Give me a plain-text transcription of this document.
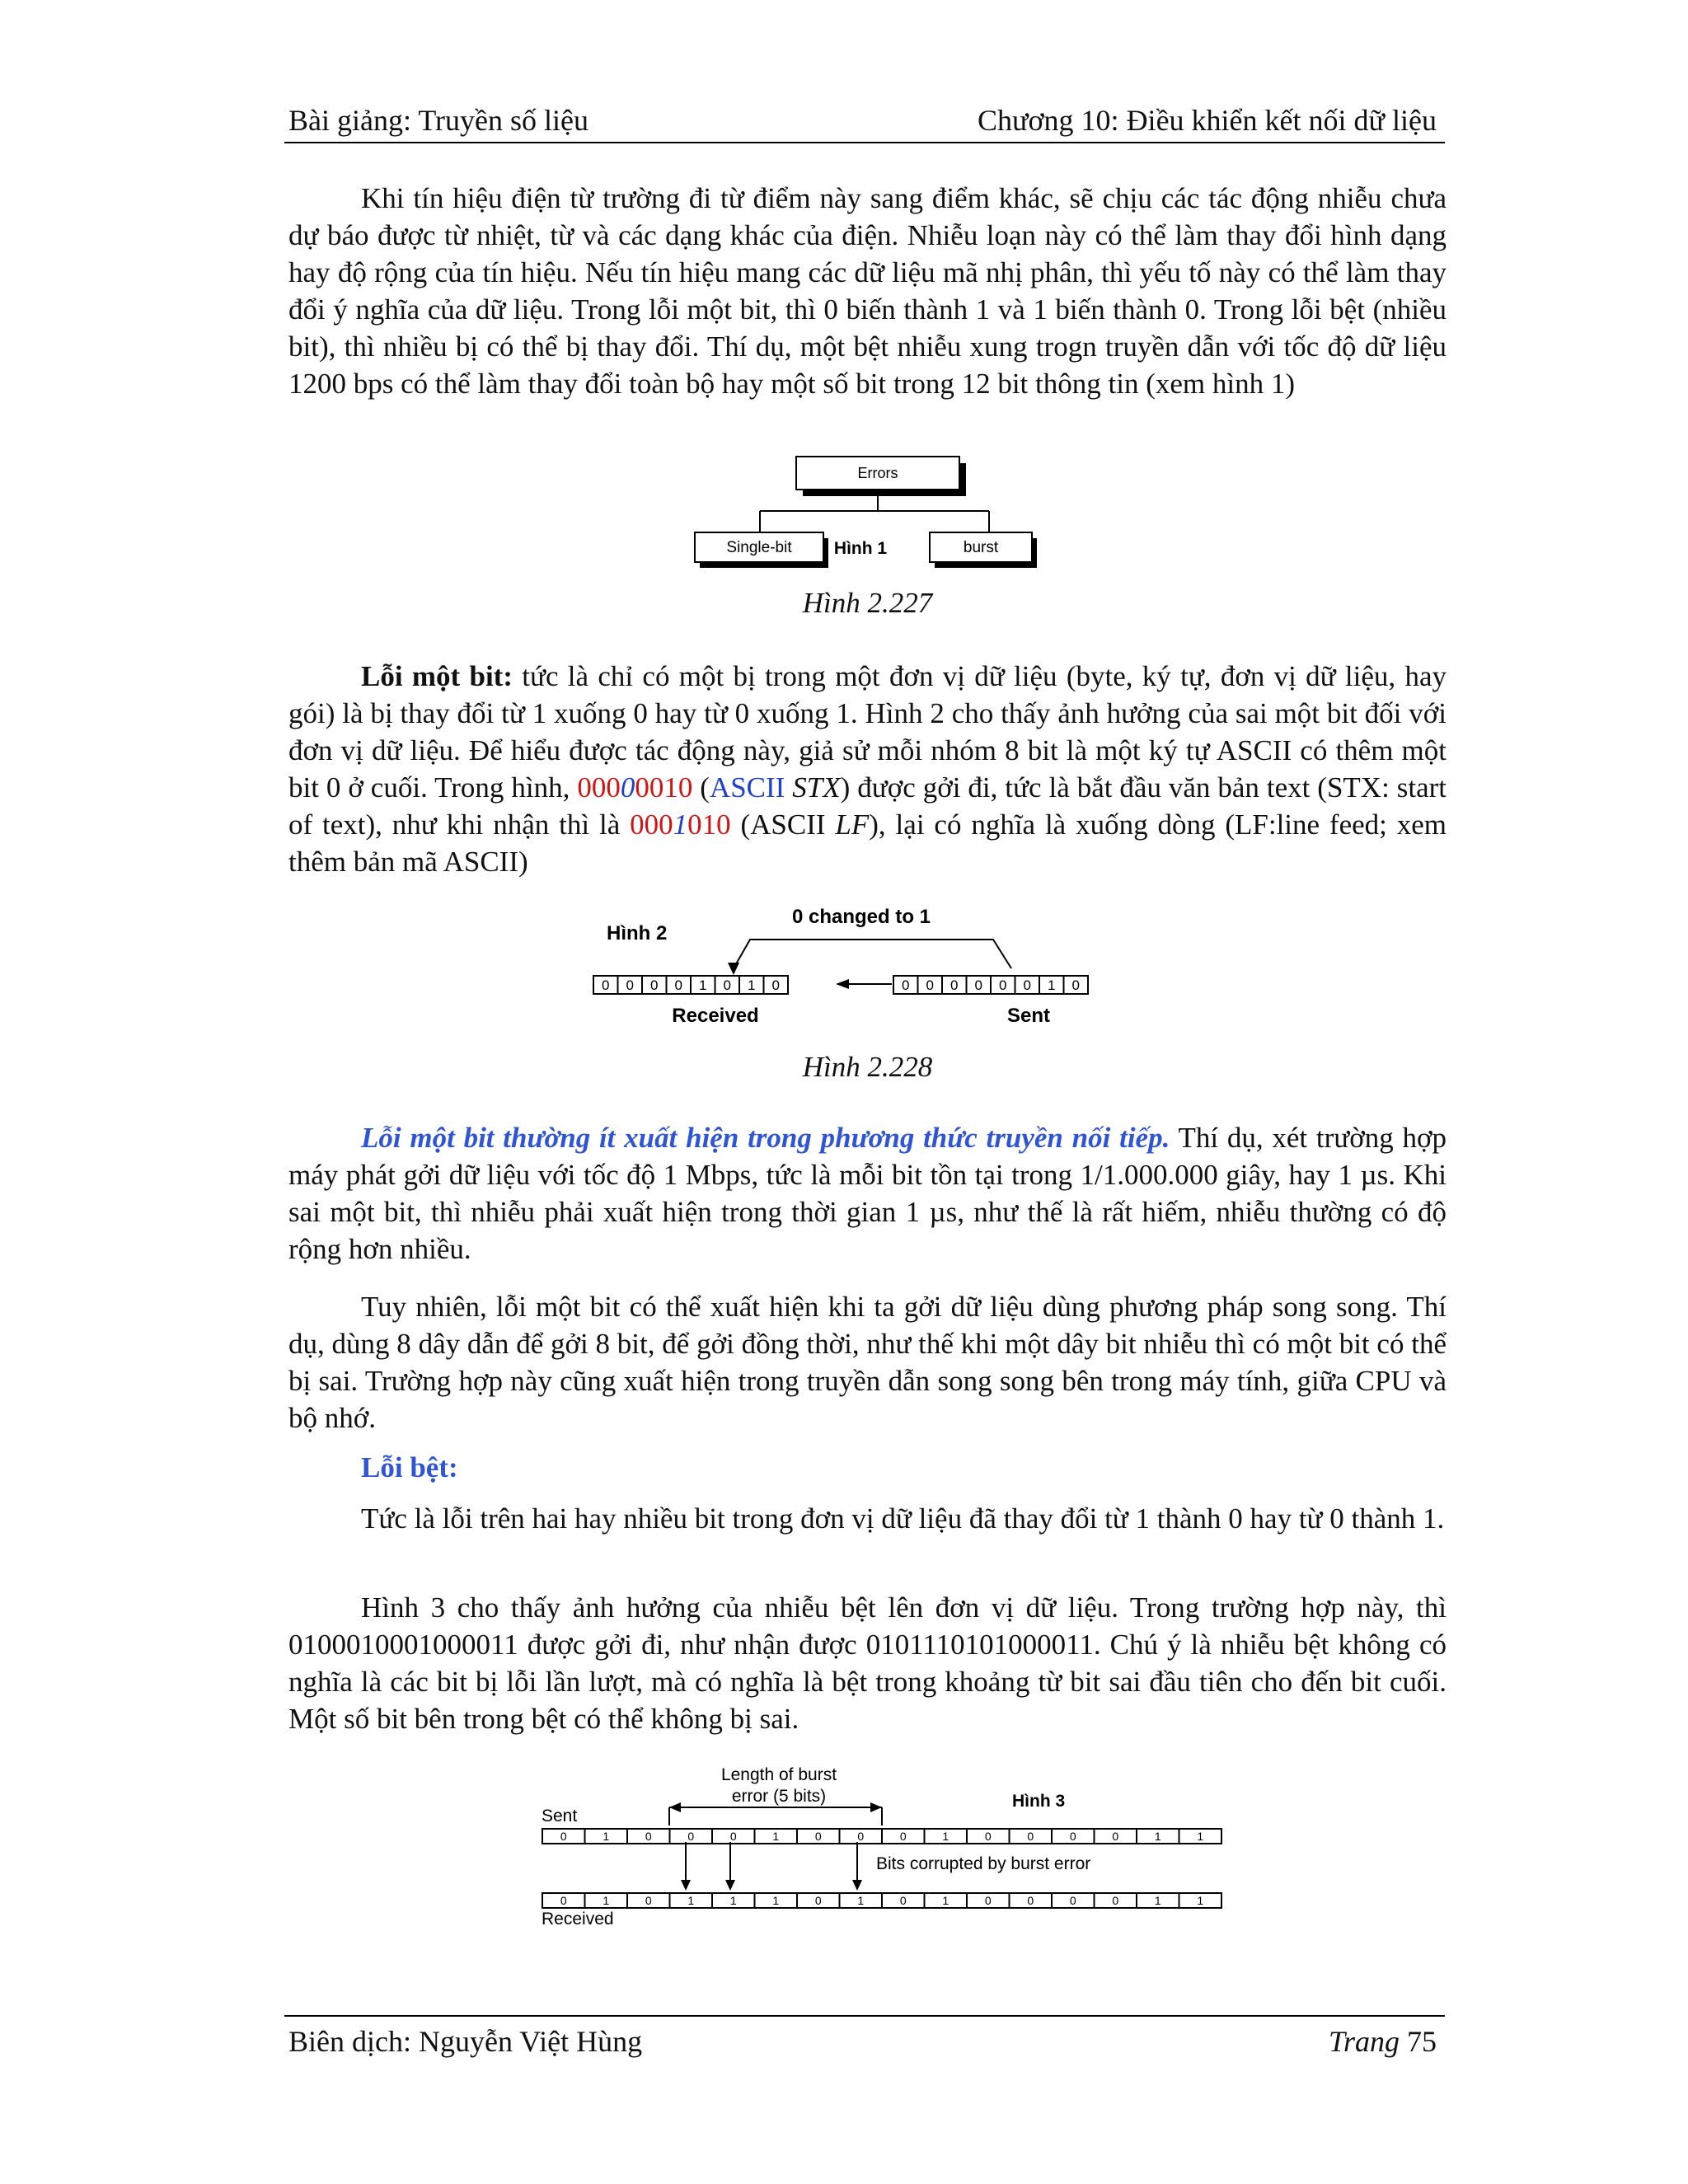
Bài giảng: Truyền số liệu	Chương 10: Điều khiển kết nối dữ liệu
Khi tín hiệu điện từ trường đi từ điểm này sang điểm khác, sẽ chịu các tác động nhiễu chưa dự báo được từ nhiệt, từ và các dạng khác của điện. Nhiễu loạn này có thể làm thay đổi hình dạng hay độ rộng của tín hiệu. Nếu tín hiệu mang các dữ liệu mã nhị phân, thì yếu tố này có thể làm thay đổi ý nghĩa của dữ liệu. Trong lỗi một bit, thì 0 biến thành 1 và 1 biến thành 0. Trong lỗi bệt (nhiều bit), thì nhiều bị có thể bị thay đổi. Thí dụ, một bệt nhiễu xung trogn truyền dẫn với tốc độ dữ liệu 1200 bps có thể làm thay đổi toàn bộ hay một số bit trong 12 bit thông tin (xem hình 1)
Errors
Single-bit Hình 1	burst
Hình 2.227
Lỗi một bit: tức là chỉ có một bị trong một đơn vị dữ liệu (byte, ký tự, đơn vị dữ liệu, hay gói) là bị thay đổi từ 1 xuống 0 hay từ 0 xuống 1. Hình 2 cho thấy ảnh hưởng của sai một bit đối với đơn vị dữ liệu. Để hiểu được tác động này, giả sử mỗi nhóm 8 bit là một ký tự ASCII có thêm một bit 0 ở cuối. Trong hình, 00000010 (ASCII STX) được gởi đi, tức là bắt đầu văn bản text (STX: start of text), như khi nhận thì là 0001010 (ASCII LF), lại có nghĩa là xuống dòng (LF:line feed; xem thêm bản mã ASCII)
Hình 2
0 changed to 1
0 0 0 0 1 0 1 0	0 0 0 0 0 0 1 0
Received	Sent
Hình 2.228
Lỗi một bit thường ít xuất hiện trong phương thức truyền nối tiếp. Thí dụ, xét trường hợp máy phát gởi dữ liệu với tốc độ 1 Mbps, tức là mỗi bit tồn tại trong 1/1.000.000 giây, hay 1 µs. Khi sai một bit, thì nhiễu phải xuất hiện trong thời gian 1 µs, như thế là rất hiếm, nhiễu thường có độ rộng hơn nhiều.
Tuy nhiên, lỗi một bit có thể xuất hiện khi ta gởi dữ liệu dùng phương pháp song song. Thí dụ, dùng 8 dây dẫn để gởi 8 bit, để gởi đồng thời, như thế khi một dây bit nhiễu thì có một bit có thể bị sai. Trường hợp này cũng xuất hiện trong truyền dẫn song song bên trong máy tính, giữa CPU và bộ nhớ.
Lỗi bệt:
Tức là lỗi trên hai hay nhiều bit trong đơn vị dữ liệu đã thay đổi từ 1 thành 0 hay từ 0 thành 1.
Hình 3 cho thấy ảnh hưởng của nhiễu bệt lên đơn vị dữ liệu. Trong trường hợp này, thì 0100010001000011 được gởi đi, như nhận được 0101110101000011. Chú ý là nhiễu bệt không có nghĩa là các bit bị lỗi lần lượt, mà có nghĩa là bệt trong khoảng từ bit sai đầu tiên cho đến bit cuối. Một số bit bên trong bệt có thể không bị sai.
Length of burst
error (5 bits)	Hình 3
Sent
0	1	0	0	0	1	0	0	0	1	0	0	0	0	1	1
Bits corrupted by burst error
0	1	0	1	1	1	0	1	0	1	0	0	0	0	1	1
Received
Biên dịch: Nguyễn Việt Hùng	Trang 75
